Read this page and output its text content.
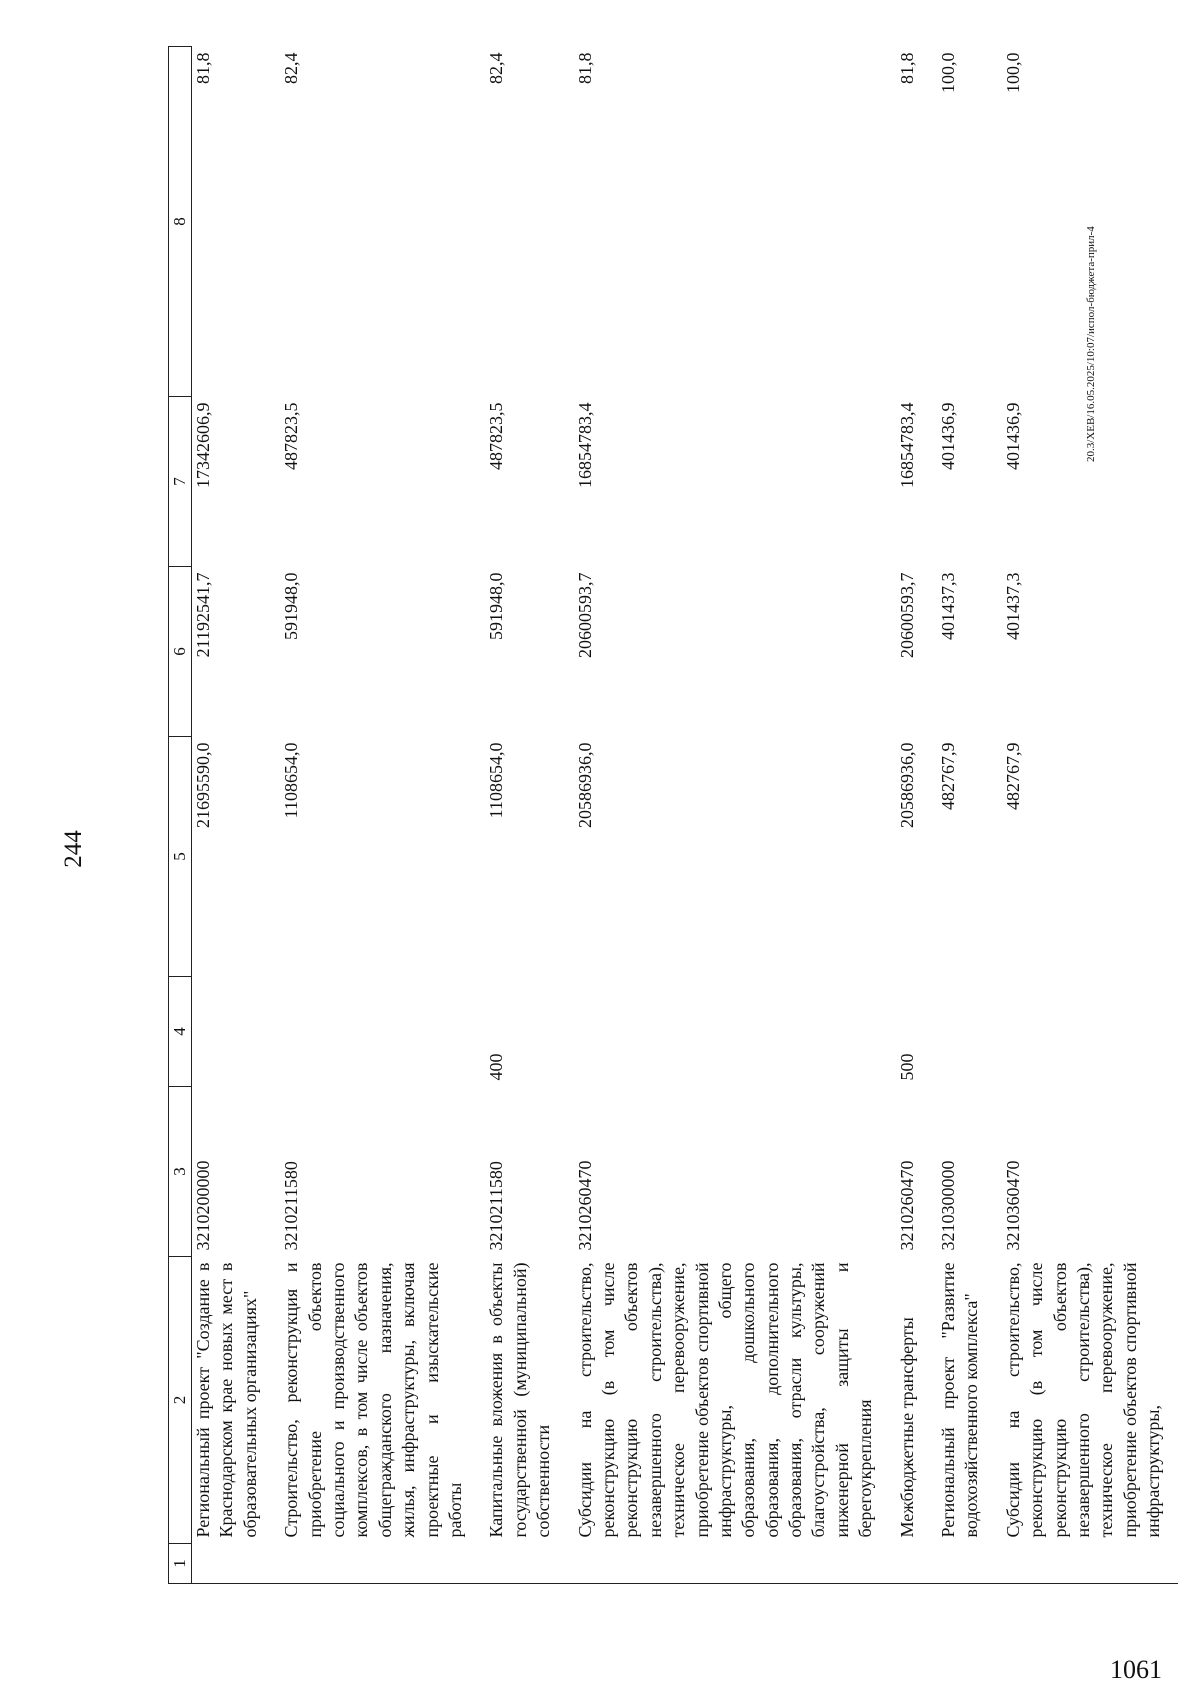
244
1	2	3	4	5	6	7	8
	Региональный проект "Создание в Краснодарском крае новых мест в образовательных организациях"	3210200000		21695590,0	21192541,7	17342606,9	81,8
	Строительство, реконструкция и приобретение объектов социального и производственного комплексов, в том числе объектов общегражданского назначения, жилья, инфраструктуры, включая проектные и изыскательские работы	3210211580		1108654,0	591948,0	487823,5	82,4
	Капитальные вложения в объекты государственной (муниципальной) собственности	3210211580	400	1108654,0	591948,0	487823,5	82,4
	Субсидии на строительство, реконструкцию (в том числе реконструкцию объектов незавершенного строительства), техническое перевооружение, приобретение объектов спортивной инфраструктуры, общего образования, дошкольного образования, дополнительного образования, отрасли культуры, благоустройства, сооружений инженерной защиты и берегоукрепления	3210260470		20586936,0	20600593,7	16854783,4	81,8
	Межбюджетные трансферты	3210260470	500	20586936,0	20600593,7	16854783,4	81,8
	Региональный проект "Развитие водохозяйственного комплекса"	3210300000		482767,9	401437,3	401436,9	100,0
	Субсидии на строительство, реконструкцию (в том числе реконструкцию объектов незавершенного строительства), техническое перевооружение, приобретение объектов спортивной инфраструктуры,	3210360470		482767,9	401437,3	401436,9	100,0
20.3/ХЕВ/16.05.2025/10:07/испол-бюджета-прил-4
1061
